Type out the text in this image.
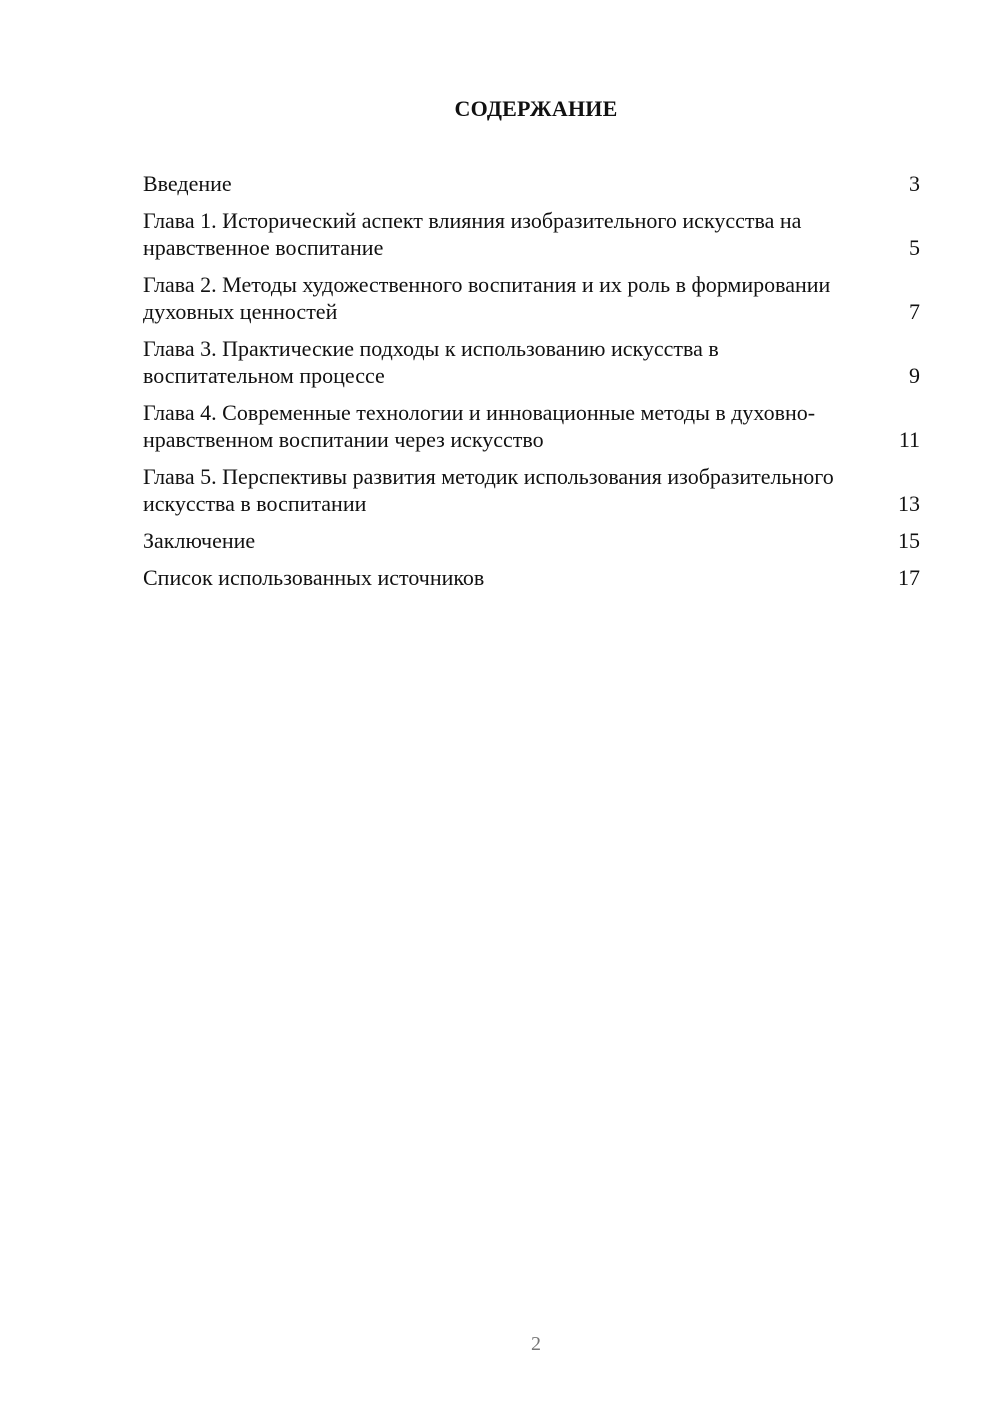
СОДЕРЖАНИЕ
Введение	3
Глава 1. Исторический аспект влияния изобразительного искусства на нравственное воспитание	5
Глава 2. Методы художественного воспитания и их роль в формировании духовных ценностей	7
Глава 3. Практические подходы к использованию искусства в воспитательном процессе	9
Глава 4. Современные технологии и инновационные методы в духовно-нравственном воспитании через искусство	11
Глава 5. Перспективы развития методик использования изобразительного искусства в воспитании	13
Заключение	15
Список использованных источников	17
2
